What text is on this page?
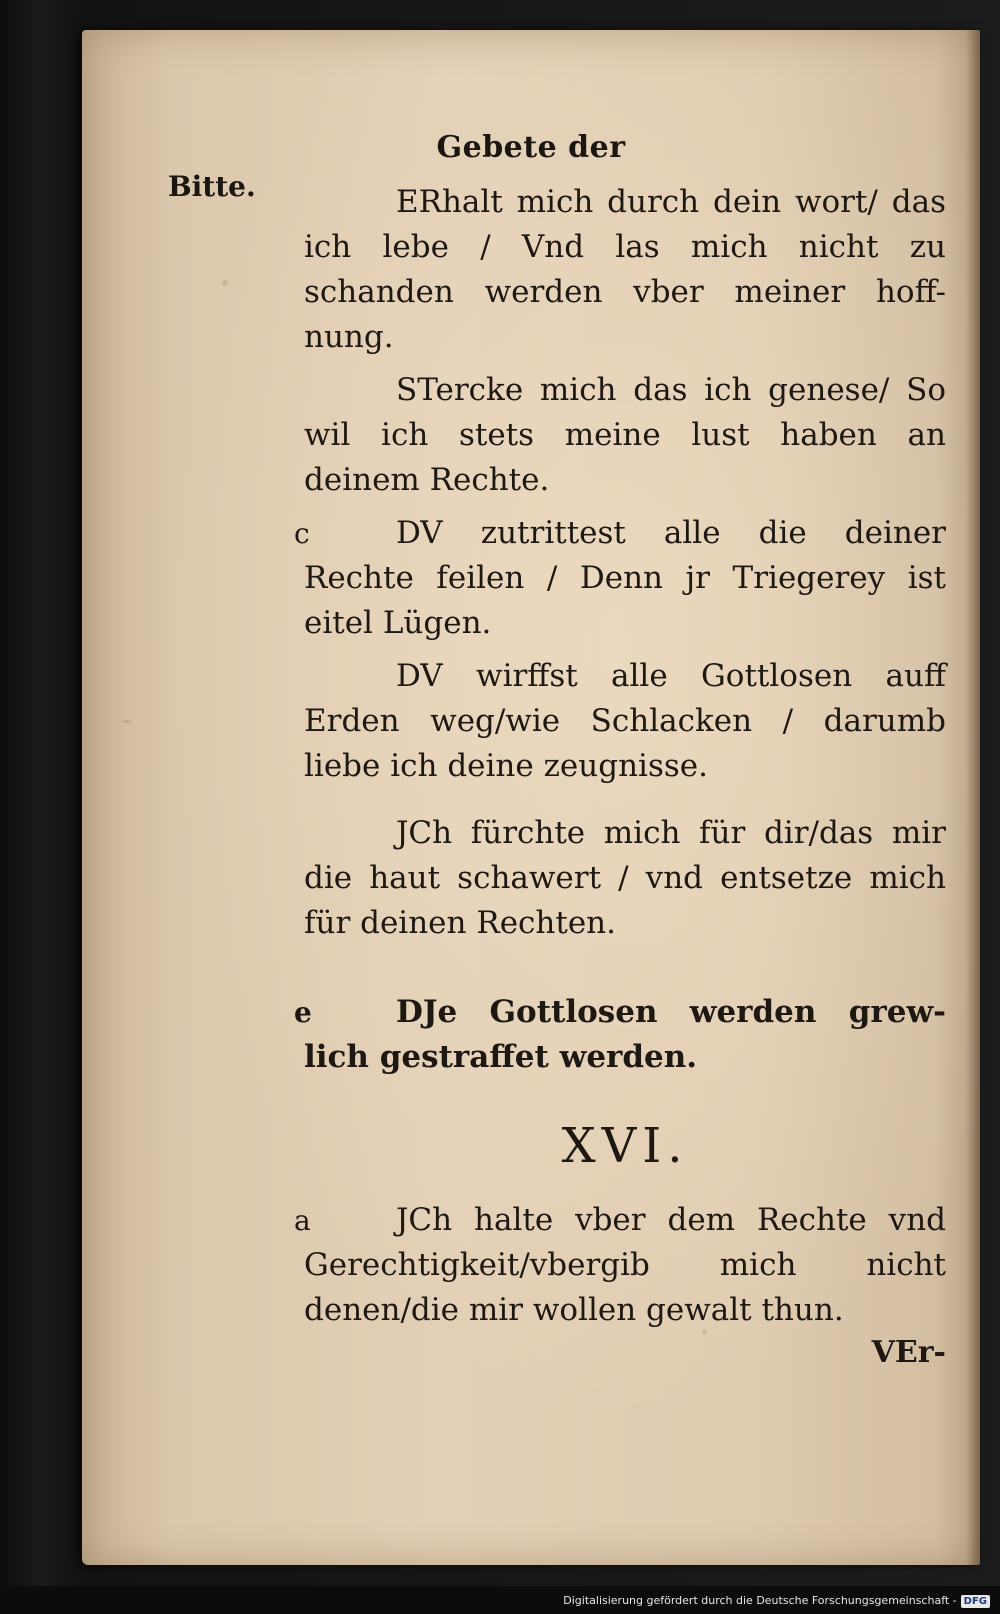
Gebete der
Bitte.	ERhalt mich durch dein wort/ das ich lebe / Vnd las mich nicht zu schanden werden vber meiner hoff-nung.

STercke mich das ich genese/ So wil ich stets meine lust haben an deinem Rechte.

c	DV zutrittest alle die deiner Rechte feilen / Denn jr Triegerey ist eitel Lügen.

DV wirffst alle Gottlosen auff Erden weg/wie Schlacken / darumb liebe ich deine zeugnisse.

JCh fürchte mich für dir/das mir die haut schawert / vnd entsetze mich für deinen Rechten.

e	DJe Gottlosen werden grew-lich gestraffet werden.

XVI.

a	JCh halte vber dem Rechte vnd Gerechtigkeit/vbergib mich nicht denen/die mir wollen gewalt thun.

VEr-
Digitalisierung gefördert durch die Deutsche Forschungsgemeinschaft - DFG
